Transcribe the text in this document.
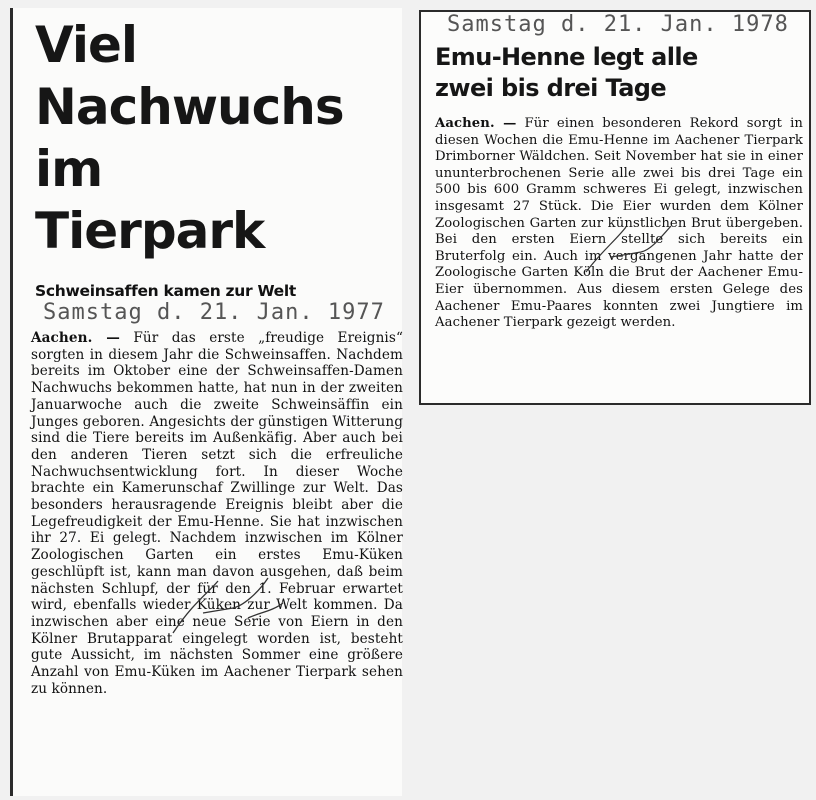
Viel
Nachwuchs
im
Tierpark
Schweinsaffen kamen zur Welt
Samstag d. 21. Jan. 1977

Aachen. — Für das erste „freudige Ereignis“ sorgten in diesem Jahr die Schweinsaffen. Nachdem bereits im Oktober eine der Schweinsaffen-Damen Nachwuchs bekommen hatte, hat nun in der zweiten Januarwoche auch die zweite Schweinsäffin ein Junges geboren. Angesichts der günstigen Witterung sind die Tiere bereits im Außenkäfig. Aber auch bei den anderen Tieren setzt sich die erfreuliche Nachwuchsentwicklung fort. In dieser Woche brachte ein Kamerunschaf Zwillinge zur Welt. Das besonders herausragende Ereignis bleibt aber die Legefreudigkeit der Emu-Henne. Sie hat inzwischen ihr 27. Ei gelegt. Nachdem inzwischen im Kölner Zoologischen Garten ein erstes Emu-Küken geschlüpft ist, kann man davon ausgehen, daß beim nächsten Schlupf, der für den 1. Februar erwartet wird, ebenfalls wieder Küken zur Welt kommen. Da inzwischen aber eine neue Serie von Eiern in den Kölner Brutapparat eingelegt worden ist, besteht gute Aussicht, im nächsten Sommer eine größere Anzahl von Emu-Küken im Aachener Tierpark sehen zu können.

Samstag d. 21. Jan. 1978
Emu-Henne legt alle
zwei bis drei Tage

Aachen. — Für einen besonderen Rekord sorgt in diesen Wochen die Emu-Henne im Aachener Tierpark Drimborner Wäldchen. Seit November hat sie in einer ununterbrochenen Serie alle zwei bis drei Tage ein 500 bis 600 Gramm schweres Ei gelegt, inzwischen insgesamt 27 Stück. Die Eier wurden dem Kölner Zoologischen Garten zur künstlichen Brut übergeben. Bei den ersten Eiern stellte sich bereits ein Bruterfolg ein. Auch im vergangenen Jahr hatte der Zoologische Garten Köln die Brut der Aachener Emu-Eier übernommen. Aus diesem ersten Gelege des Aachener Emu-Paares konnten zwei Jungtiere im Aachener Tierpark gezeigt werden.
